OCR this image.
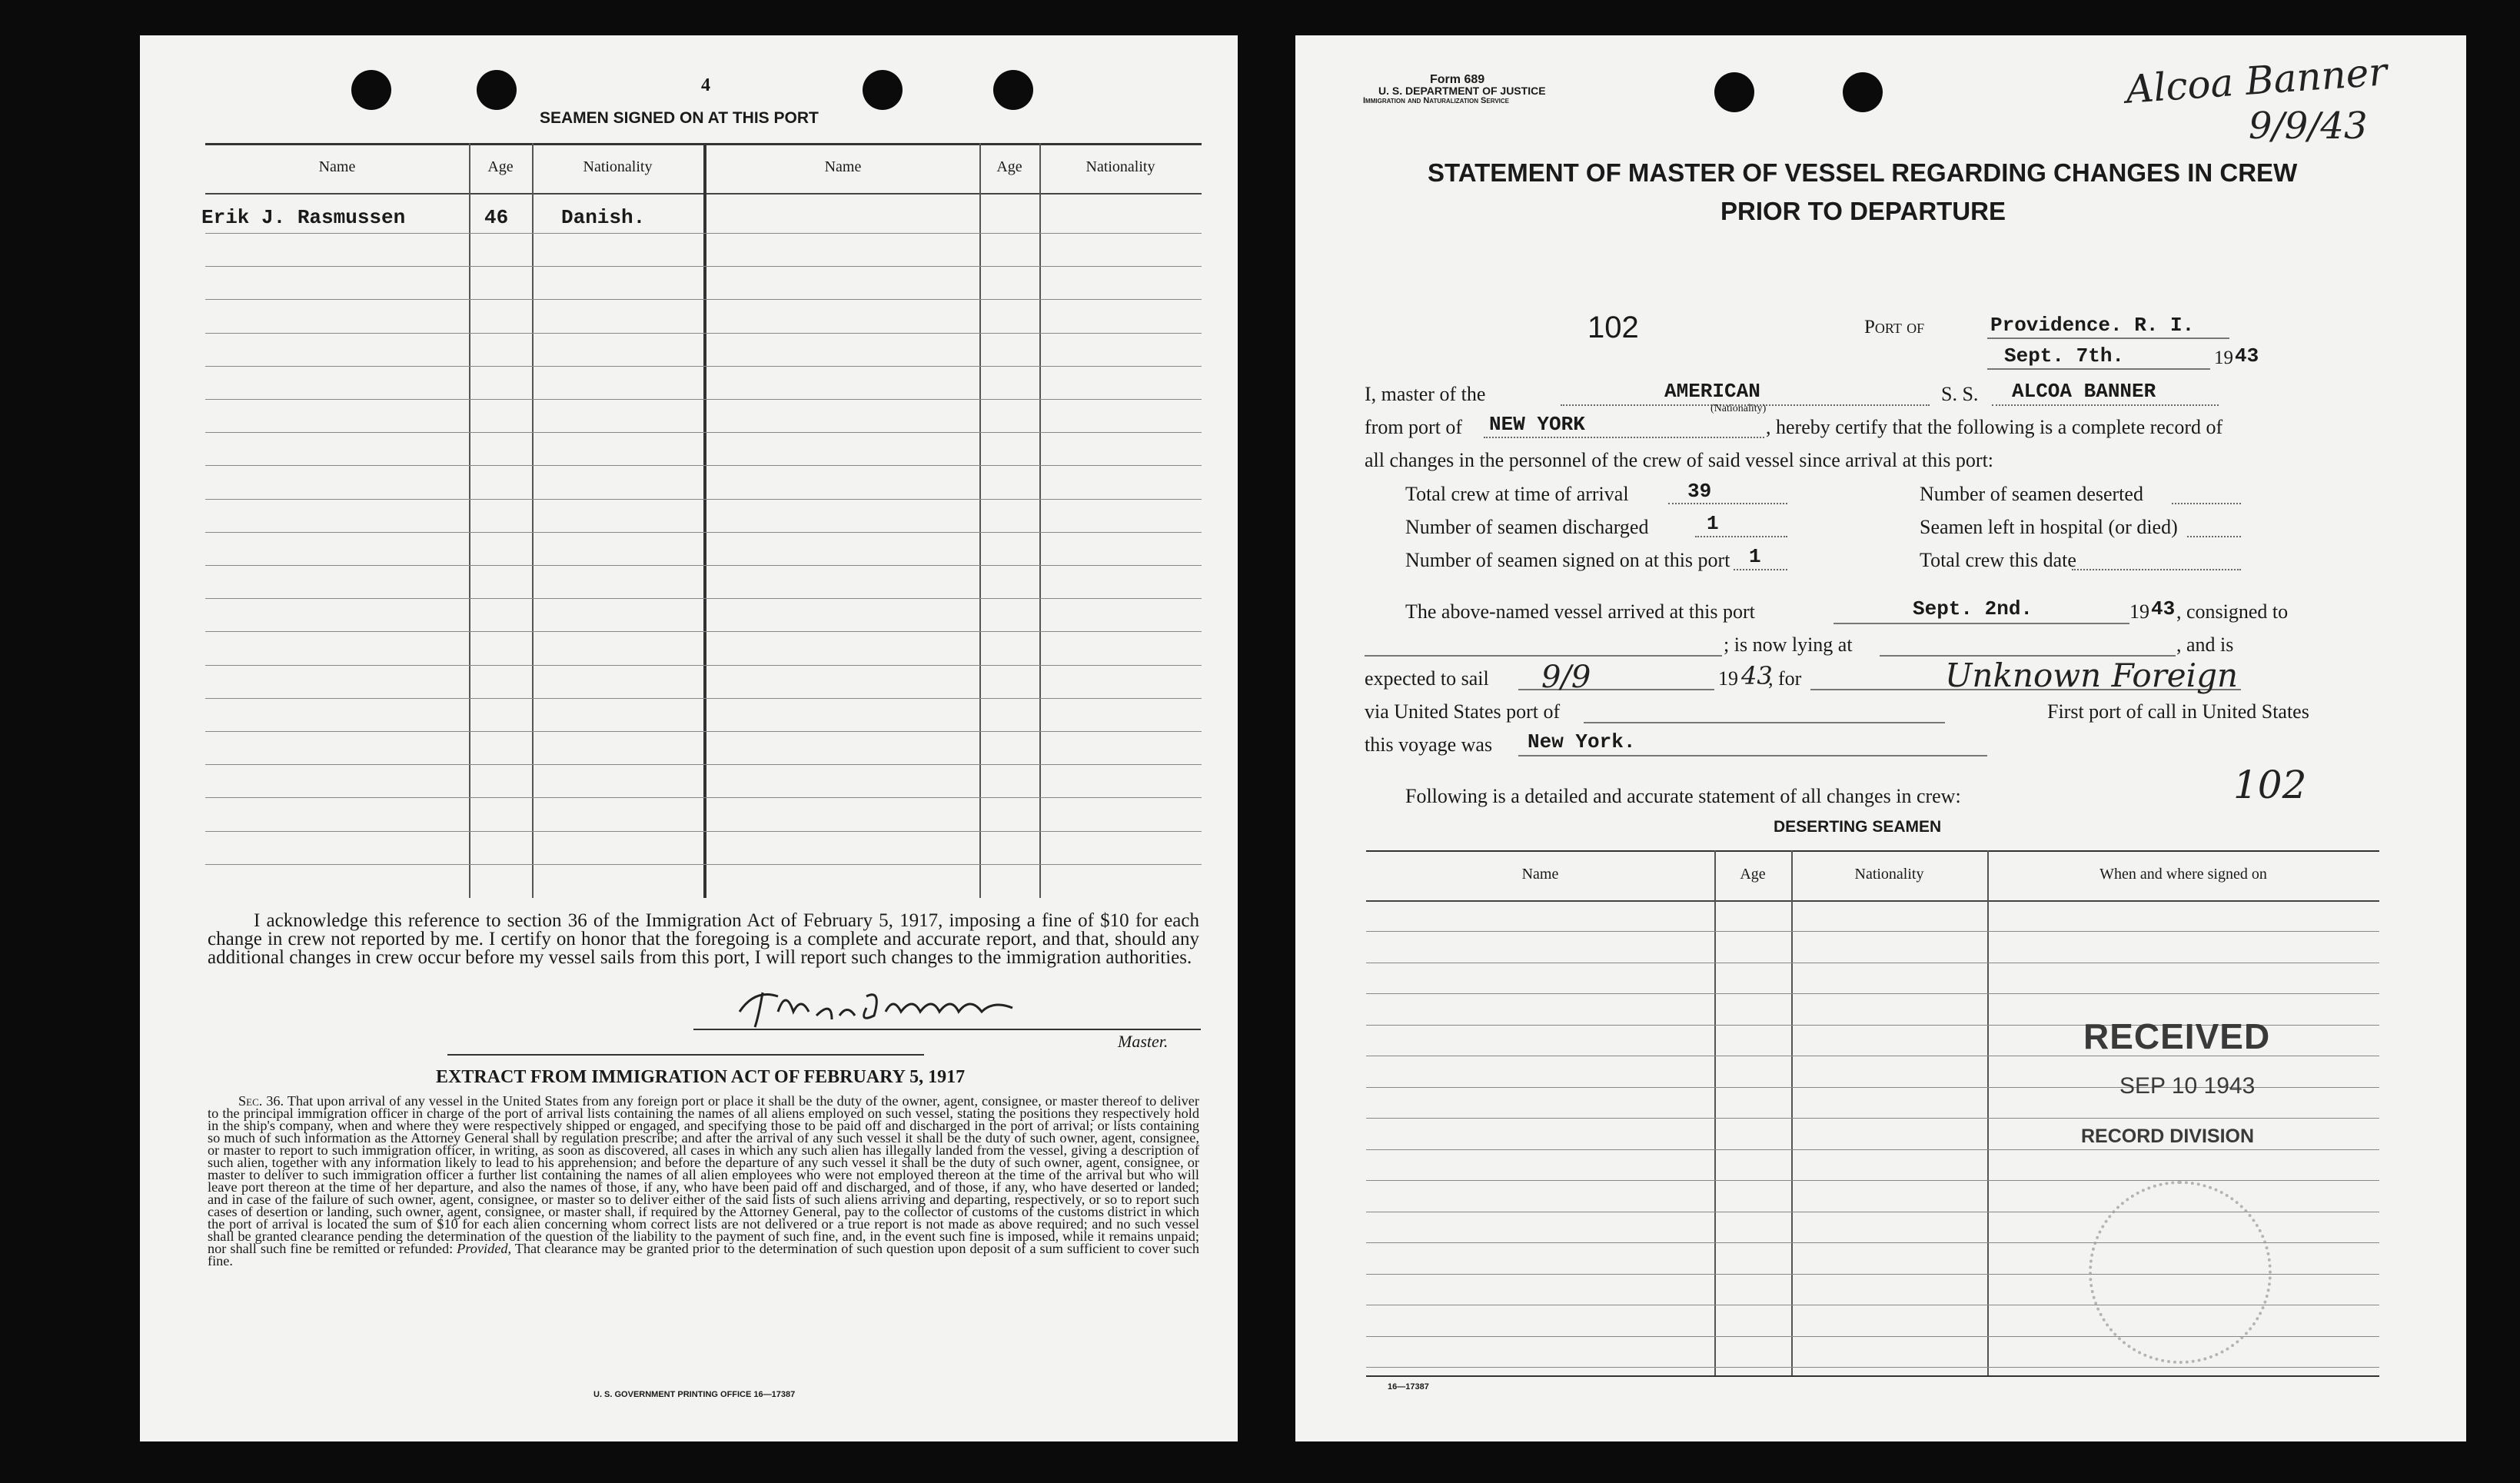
4
SEAMEN SIGNED ON AT THIS PORT
Name	Age	Nationality	Name	Age	Nationality
Erik J. Rasmussen	46	Danish.
I acknowledge this reference to section 36 of the Immigration Act of February 5, 1917, imposing a fine of $10 for each change in crew not reported by me. I certify on honor that the foregoing is a complete and accurate report, and that, should any additional changes in crew occur before my vessel sails from this port, I will report such changes to the immigration authorities.
Master.
EXTRACT FROM IMMIGRATION ACT OF FEBRUARY 5, 1917
Sec. 36. That upon arrival of any vessel in the United States from any foreign port or place it shall be the duty of the owner, agent, consignee, or master thereof to deliver to the principal immigration officer in charge of the port of arrival lists containing the names of all aliens employed on such vessel, stating the positions they respectively hold in the ship's company, when and where they were respectively shipped or engaged, and specifying those to be paid off and discharged in the port of arrival; or lists containing so much of such information as the Attorney General shall by regulation prescribe; and after the arrival of any such vessel it shall be the duty of such owner, agent, consignee, or master to report to such immigration officer, in writing, as soon as discovered, all cases in which any such alien has illegally landed from the vessel, giving a description of such alien, together with any information likely to lead to his apprehension; and before the departure of any such vessel it shall be the duty of such owner, agent, consignee, or master to deliver to such immigration officer a further list containing the names of all alien employees who were not employed thereon at the time of the arrival but who will leave port thereon at the time of her departure, and also the names of those, if any, who have been paid off and discharged, and of those, if any, who have deserted or landed; and in case of the failure of such owner, agent, consignee, or master so to deliver either of the said lists of such aliens arriving and departing, respectively, or so to report such cases of desertion or landing, such owner, agent, consignee, or master shall, if required by the Attorney General, pay to the collector of customs of the customs district in which the port of arrival is located the sum of $10 for each alien concerning whom correct lists are not delivered or a true report is not made as above required; and no such vessel shall be granted clearance pending the determination of the question of the liability to the payment of such fine, and, in the event such fine is imposed, while it remains unpaid; nor shall such fine be remitted or refunded: Provided, That clearance may be granted prior to the determination of such question upon deposit of a sum sufficient to cover such fine.
U. S. GOVERNMENT PRINTING OFFICE 16—17387
Form 689
U. S. DEPARTMENT OF JUSTICE
Immigration and Naturalization Service	Alcoa Banner
9/9/43
STATEMENT OF MASTER OF VESSEL REGARDING CHANGES IN CREW
PRIOR TO DEPARTURE
102	Port of	Providence. R. I.
Sept. 7th.	19 43
I, master of the	AMERICAN
(Nationality)
S. S. ALCOA BANNER
from port of NEW YORK	, hereby certify that the following is a complete record of
all changes in the personnel of the crew of said vessel since arrival at this port:
Total crew at time of arrival	39
Number of seamen discharged	1
Number of seamen signed on at this port 1
Number of seamen deserted
Seamen left in hospital (or died)
Total crew this date
The above-named vessel arrived at this port	Sept. 2nd.	19 43 , consigned to
; is now lying at	, and is
expected to sail 9/9	19 43
, for	Unknown Foreign
via United States port of	First port of call in United States
this voyage was New York.
Following is a detailed and accurate statement of all changes in crew:	102
DESERTING SEAMEN
Name	Age	Nationality	When and where signed on
RECEIVED
SEP 10 1943
RECORD DIVISION
16—17387
